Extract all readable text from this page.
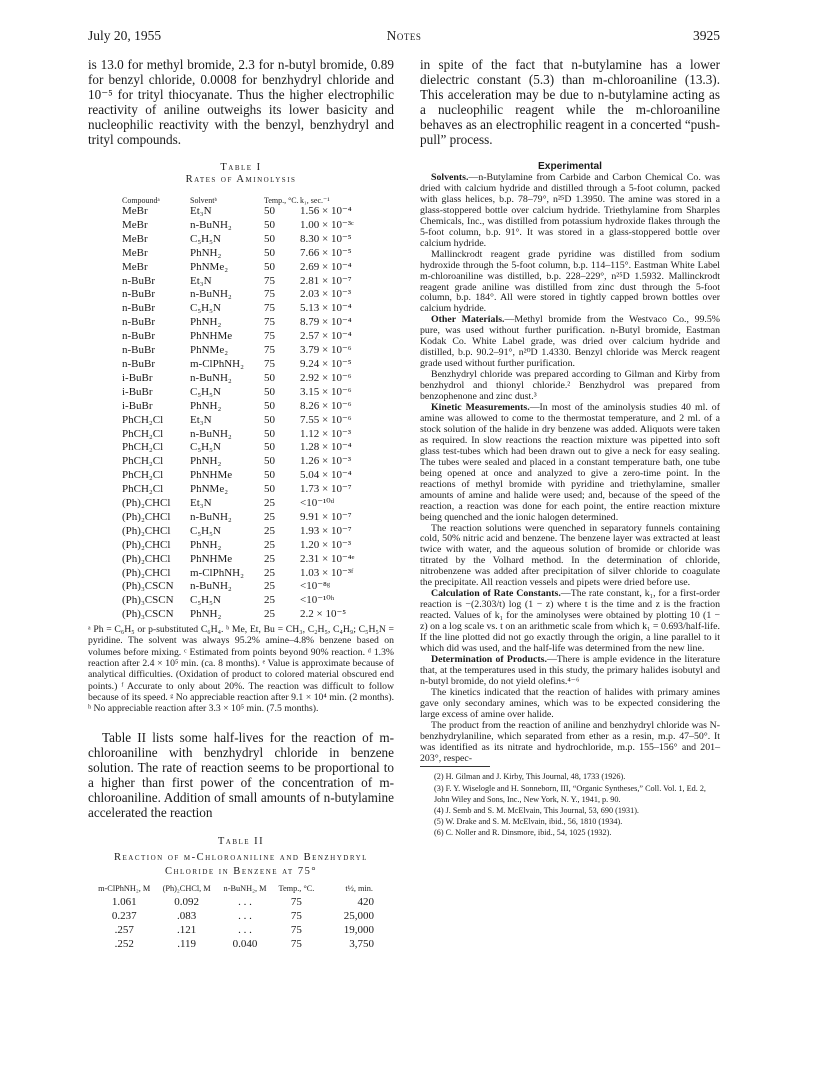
July 20, 1955	Notes	3925

is 13.0 for methyl bromide, 2.3 for n-butyl bromide, 0.89 for benzyl chloride, 0.0008 for benzhydryl chloride and 10⁻⁵ for trityl thiocyanate. Thus the higher electrophilic reactivity of aniline outweighs its lower basicity and nucleophilic reactivity with the benzyl, benzhydryl and trityl compounds.

Table I
Rates of Aminolysis
Compoundᵃ	Solventᵇ	Temp., °C.	k₁, sec.⁻¹
MeBr	Et₃N	50	1.56 × 10⁻⁴
MeBr	n-BuNH₂	50	1.00 × 10⁻³ᶜ
MeBr	C₅H₅N	50	8.30 × 10⁻⁵
MeBr	PhNH₂	50	7.66 × 10⁻⁵
MeBr	PhNMe₂	50	2.69 × 10⁻⁴
n-BuBr	Et₃N	75	2.81 × 10⁻⁷
n-BuBr	n-BuNH₂	75	2.03 × 10⁻³
n-BuBr	C₅H₅N	75	5.13 × 10⁻⁴
n-BuBr	PhNH₂	75	8.79 × 10⁻⁴
n-BuBr	PhNHMe	75	2.57 × 10⁻⁴
n-BuBr	PhNMe₂	75	3.79 × 10⁻⁶
n-BuBr	m-ClPhNH₂	75	9.24 × 10⁻⁵
i-BuBr	n-BuNH₂	50	2.92 × 10⁻⁶
i-BuBr	C₅H₅N	50	3.15 × 10⁻⁶
i-BuBr	PhNH₂	50	8.26 × 10⁻⁶
PhCH₂Cl	Et₃N	50	7.55 × 10⁻⁶
PhCH₂Cl	n-BuNH₂	50	1.12 × 10⁻³
PhCH₂Cl	C₅H₅N	50	1.28 × 10⁻⁴
PhCH₂Cl	PhNH₂	50	1.26 × 10⁻³
PhCH₂Cl	PhNHMe	50	5.04 × 10⁻⁴
PhCH₂Cl	PhNMe₂	50	1.73 × 10⁻⁷
(Ph)₂CHCl	Et₃N	25	<10⁻¹⁰ᵈ
(Ph)₂CHCl	n-BuNH₂	25	9.91 × 10⁻⁷
(Ph)₂CHCl	C₅H₅N	25	1.93 × 10⁻⁷
(Ph)₂CHCl	PhNH₂	25	1.20 × 10⁻³
(Ph)₂CHCl	PhNHMe	25	2.31 × 10⁻⁴ᵉ
(Ph)₂CHCl	m-ClPhNH₂	25	1.03 × 10⁻³ᶠ
(Ph)₃CSCN	n-BuNH₂	25	<10⁻⁸ᵍ
(Ph)₃CSCN	C₅H₅N	25	<10⁻¹⁰ʰ
(Ph)₃CSCN	PhNH₂	25	2.2 × 10⁻⁵

ᵃ Ph = C₆H₅ or p-substituted C₆H₄. ᵇ Me, Et, Bu = CH₃, C₂H₅, C₄H₉; C₅H₅N = pyridine. The solvent was always 95.2% amine–4.8% benzene based on volumes before mixing. ᶜ Estimated from points beyond 90% reaction. ᵈ 1.3% reaction after 2.4 × 10⁵ min. (ca. 8 months). ᵉ Value is approximate because of analytical difficulties. (Oxidation of product to colored material obscured end points.) ᶠ Accurate to only about 20%. The reaction was difficult to follow because of its speed. ᵍ No appreciable reaction after 9.1 × 10⁴ min. (2 months). ʰ No appreciable reaction after 3.3 × 10⁵ min. (7.5 months).

Table II lists some half-lives for the reaction of m-chloroaniline with benzhydryl chloride in benzene solution. The rate of reaction seems to be proportional to a higher than first power of the concentration of m-chloroaniline. Addition of small amounts of n-butylamine accelerated the reaction

Table II
Reaction of m-Chloroaniline and Benzhydryl Chloride in Benzene at 75°
m-ClPhNH₂, M	(Ph)₂CHCl, M	n-BuNH₂, M	Temp., °C.	t½, min.
1.061	0.092	. . .	75	420
0.237	.083	. . .	75	25,000
.257	.121	. . .	75	19,000
.252	.119	0.040	75	3,750

in spite of the fact that n-butylamine has a lower dielectric constant (5.3) than m-chloroaniline (13.3). This acceleration may be due to n-butylamine acting as a nucleophilic reagent while the m-chloroaniline behaves as an electrophilic reagent in a concerted “push-pull” process.

Experimental

Solvents.—n-Butylamine from Carbide and Carbon Chemical Co. was dried with calcium hydride and distilled through a 5-foot column, packed with glass helices, b.p. 78–79°, n²⁵D 1.3950. The amine was stored in a glass-stoppered bottle over calcium hydride. Triethylamine from Sharples Chemicals, Inc., was distilled from potassium hydroxide flakes through the 5-foot column, b.p. 91°. It was stored in a glass-stoppered bottle over calcium hydride.

Mallinckrodt reagent grade pyridine was distilled from sodium hydroxide through the 5-foot column, b.p. 114–115°. Eastman White Label m-chloroaniline was distilled, b.p. 228–229°, n²⁵D 1.5932. Mallinckrodt reagent grade aniline was distilled from zinc dust through the 5-foot column, b.p. 184°. All were stored in tightly capped brown bottles over calcium hydride.

Other Materials.—Methyl bromide from the Westvaco Co., 99.5% pure, was used without further purification. n-Butyl bromide, Eastman Kodak Co. White Label grade, was dried over calcium hydride and distilled, b.p. 90.2–91°, n²⁰D 1.4330. Benzyl chloride was Merck reagent grade used without further purification.

Benzhydryl chloride was prepared according to Gilman and Kirby from benzhydrol and thionyl chloride.² Benzhydrol was prepared from benzophenone and zinc dust.³

Kinetic Measurements.—In most of the aminolysis studies 40 ml. of amine was allowed to come to the thermostat temperature, and 2 ml. of a stock solution of the halide in dry benzene was added. Aliquots were taken as required. In slow reactions the reaction mixture was pipetted into soft glass test-tubes which had been drawn out to give a neck for easy sealing. The tubes were sealed and placed in a constant temperature bath, one tube being opened at once and analyzed to give a zero-time point. In the reactions of methyl bromide with pyridine and triethylamine, smaller amounts of amine and halide were used; and, because of the speed of the reaction, a reaction was done for each point, the entire reaction mixture being quenched and the ionic halogen determined.

The reaction solutions were quenched in separatory funnels containing cold, 50% nitric acid and benzene. The benzene layer was extracted at least twice with water, and the aqueous solution of bromide or chloride was titrated by the Volhard method. In the determination of chloride, nitrobenzene was added after precipitation of silver chloride to coagulate the precipitate. All reaction vessels and pipets were dried before use.

Calculation of Rate Constants.—The rate constant, k₁, for a first-order reaction is −(2.303/t) log (1 − z) where t is the time and z is the fraction reacted. Values of k₁ for the aminolyses were obtained by plotting 10 (1 − z) on a log scale vs. t on an arithmetic scale from which k₁ = 0.693/half-life. If the line plotted did not go exactly through the origin, a line parallel to it which did was used, and the half-life was determined from the new line.

Determination of Products.—There is ample evidence in the literature that, at the temperatures used in this study, the primary halides isobutyl and n-butyl bromide, do not yield olefins.⁴⁻⁶

The kinetics indicated that the reaction of halides with primary amines gave only secondary amines, which was to be expected considering the large excess of amine over halide.

The product from the reaction of aniline and benzhydryl chloride was N-benzhydrylaniline, which separated from ether as a resin, m.p. 47–50°. It was identified as its nitrate and hydrochloride, m.p. 155–156° and 201–203°, respec-

(2) H. Gilman and J. Kirby, This Journal, 48, 1733 (1926).
(3) F. Y. Wiselogle and H. Sonneborn, III, “Organic Syntheses,” Coll. Vol. 1, Ed. 2, John Wiley and Sons, Inc., New York, N. Y., 1941, p. 90.
(4) J. Semb and S. M. McElvain, This Journal, 53, 690 (1931).
(5) W. Drake and S. M. McElvain, ibid., 56, 1810 (1934).
(6) C. Noller and R. Dinsmore, ibid., 54, 1025 (1932).
